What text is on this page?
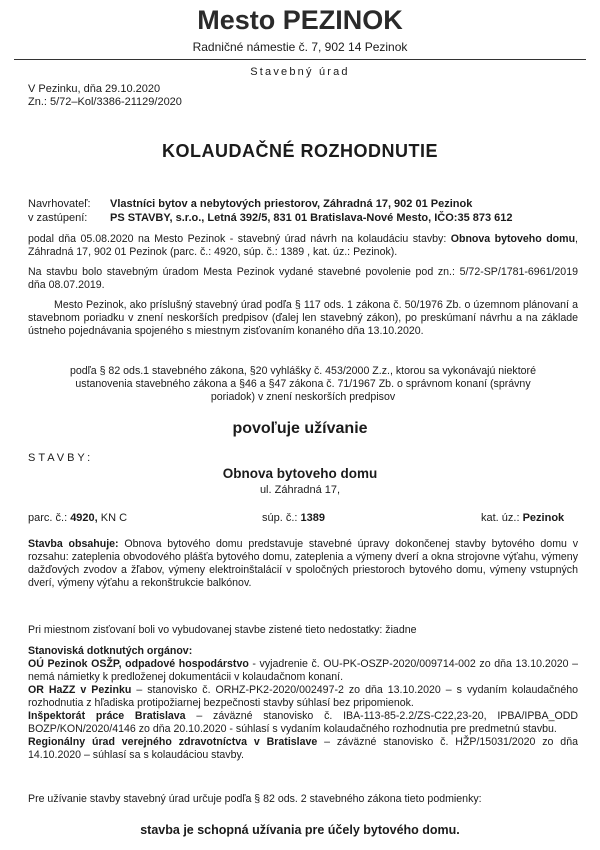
Mesto PEZINOK
Radničné námestie č. 7, 902 14 Pezinok
Stavebný úrad
V Pezinku, dňa 29.10.2020
Zn.: 5/72–Kol/3386-21129/2020
KOLAUDAČNÉ ROZHODNUTIE
Navrhovateľ: Vlastníci bytov a nebytových priestorov, Záhradná 17, 902 01 Pezinok
v zastúpení: PS STAVBY, s.r.o., Letná 392/5, 831 01 Bratislava-Nové Mesto, IČO:35 873 612
podal dňa 05.08.2020 na Mesto Pezinok - stavebný úrad návrh na kolaudáciu stavby: Obnova bytoveho domu, Záhradná 17, 902 01 Pezinok (parc. č.: 4920, súp. č.: 1389 , kat. úz.: Pezinok).
Na stavbu bolo stavebným úradom Mesta Pezinok vydané stavebné povolenie pod zn.: 5/72-SP/1781-6961/2019 dňa 08.07.2019.
Mesto Pezinok, ako príslušný stavebný úrad podľa § 117 ods. 1 zákona č. 50/1976 Zb. o územnom plánovaní a stavebnom poriadku v znení neskorších predpisov (ďalej len stavebný zákon), po preskúmaní návrhu a na základe ústneho pojednávania spojeného s miestnym zisťovaním konaného dňa 13.10.2020.
podľa § 82 ods.1 stavebného zákona, §20 vyhlášky č. 453/2000 Z.z., ktorou sa vykonávajú niektoré ustanovenia stavebného zákona a §46 a §47 zákona č. 71/1967 Zb. o správnom konaní (správny poriadok) v znení neskorších predpisov
povoľuje užívanie
STAVBY:
Obnova bytoveho domu
ul. Záhradná 17,
parc. č.: 4920, KN C	súp. č.: 1389	kat. úz.: Pezinok
Stavba obsahuje: Obnova bytového domu predstavuje stavebné úpravy dokončenej stavby bytového domu v rozsahu: zateplenia obvodového plášťa bytového domu, zateplenia a výmeny dverí a okna strojovne výťahu, výmeny dažďových zvodov a žľabov, výmeny elektroinštalácií v spoločných priestoroch bytového domu, výmeny vstupných dverí, výmeny výťahu a rekonštrukcie balkónov.
Pri miestnom zisťovaní boli vo vybudovanej stavbe zistené tieto nedostatky: žiadne
Stanoviská dotknutých orgánov:
OÚ Pezinok OSŽP, odpadové hospodárstvo - vyjadrenie č. OU-PK-OSZP-2020/009714-002 zo dňa 13.10.2020 – nemá námietky k predloženej dokumentácii v kolaudačnom konaní.
OR HaZZ v Pezinku – stanovisko č. ORHZ-PK2-2020/002497-2 zo dňa 13.10.2020 – s vydaním kolaudačného rozhodnutia z hľadiska protipožiarnej bezpečnosti stavby súhlasí bez pripomienok.
Inšpektorát práce Bratislava – záväzné stanovisko č. IBA-113-85-2.2/ZS-C22,23-20, IPBA/IPBA_ODD BOZP/KON/2020/4146 zo dňa 20.10.2020 - súhlasí s vydaním kolaudačného rozhodnutia pre predmetnú stavbu.
Regionálny úrad verejného zdravotníctva v Bratislave – záväzné stanovisko č. HŽP/15031/2020 zo dňa 14.10.2020 – súhlasí sa s kolaudáciou stavby.
Pre užívanie stavby stavebný úrad určuje podľa § 82 ods. 2 stavebného zákona tieto podmienky:
stavba je schopná užívania pre účely bytového domu.
